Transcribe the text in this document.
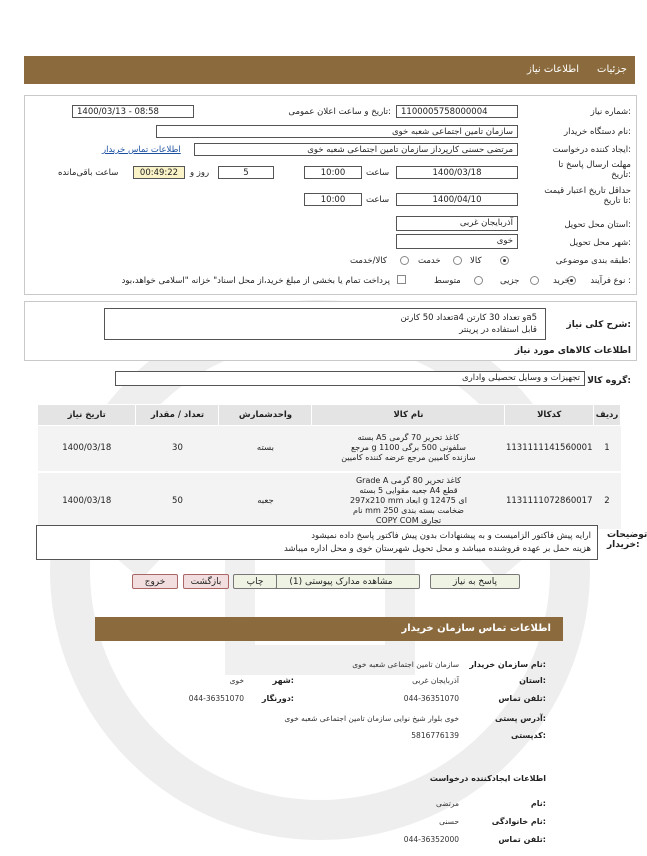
جزئیات
اطلاعات نیاز
شماره نیاز:
1100005758000004
تاریخ و ساعت اعلان عمومی:
1400/03/13 - 08:58
نام دستگاه خریدار:
سازمان تامین اجتماعی شعبه خوی
ایجاد کننده درخواست:
مرتضی حسنی کارپرداز سازمان تامین اجتماعی شعبه خوی
اطلاعات تماس خریدار
مهلت ارسال پاسخ تا تاریخ:
1400/03/18
ساعت
10:00
روز و	5
00:49:22
ساعت باقی‌مانده
حداقل تاریخ اعتبار قیمت تا تاریخ:
1400/04/10
ساعت
10:00
استان محل تحویل:
آذربایجان غربی
شهر محل تحویل:
خوی
طبقه بندی موضوعی:
کالا
خدمت
کالا/خدمت
نوع فرآیند :
خرید
جزیی
متوسط
پرداخت تمام یا بخشی از مبلغ خرید،از محل اسناد" خزانه "اسلامی خواهد،بود
شرح کلی نیاز:
تعداد 50 کارتنa4 و تعداد 30 کارتنa5
قابل استفاده در پرینتر
اطلاعات کالاهای مورد نیاز
گروه کالا:
تجهیزات و وسایل تحصیلی واداری
ردیف	کدکالا	نام کالا	واحدشمارش	تعداد / مقدار	تاریخ نیاز
1	1131111141560001	کاغذ تحریر 70 گرمی A5 بسته
سلفونی 500 برگی g 1100 مرجع
سازنده کامیین مرجع عرضه کننده کامیین	بسته	30	1400/03/18
2	1131111072860017	کاغذ تحریر 80 گرمی Grade A
قطع A4 جعبه مقوایی 5 بسته
ای 12475 g ابعاد 297x210 mm
ضخامت بسته بندی 250 mm نام
تجاری COPY COM	جعبه	50	1400/03/18
توضیحات خریدار:
ارایه پیش فاکتور الزامیست و به پیشنهادات بدون پیش فاکتور پاسخ داده نمیشود
هزینه حمل بر عهده فروشنده میباشد و محل تحویل شهرستان خوی و محل اداره میباشد
پاسخ به نیاز
مشاهده مدارک پیوستی (1)
چاپ
بازگشت
خروج
اطلاعات تماس سازمان خریدار
نام سازمان خریدار:
سازمان تامین اجتماعی شعبه خوی
استان:
آذربایجان غربی
شهر:
خوی
تلفن تماس:
044-36351070
دورنگار:
044-36351070
آدرس پستی:
خوی بلوار شیخ نوایی سازمان تامین اجتماعی شعبه خوی
کدپستی:
5816776139
اطلاعات ایجادکننده درخواست
نام:
مرتضی
نام خانوادگی:
حسنی
تلفن تماس:
044-36352000
